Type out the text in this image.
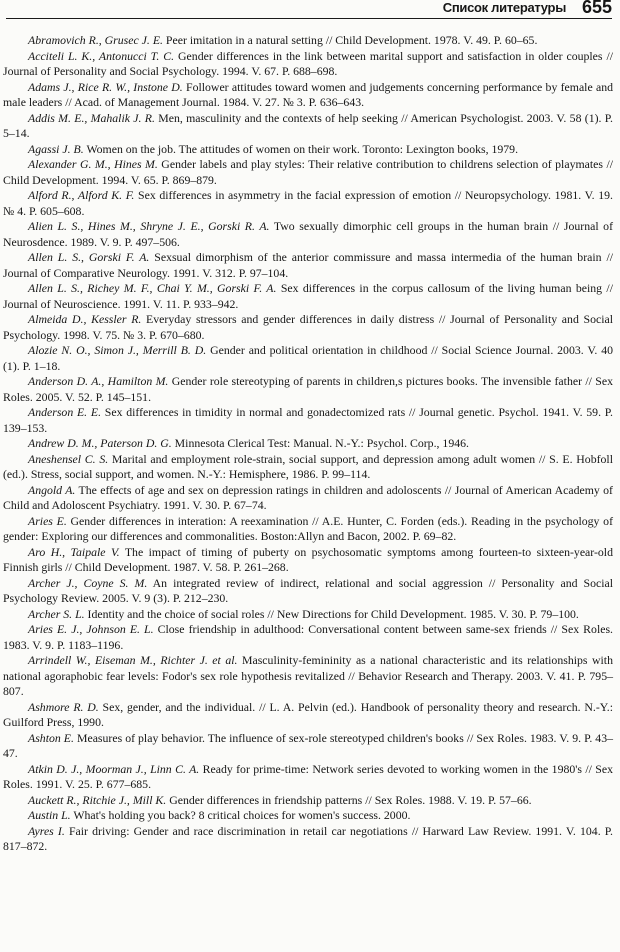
Список литературы 655

Abramovich R., Grusec J. E. Peer imitation in a natural setting // Child Development. 1978. V. 49. P. 60–65.

Acciteli L. K., Antonucci T. C. Gender differences in the link between marital support and satisfaction in older couples // Journal of Personality and Social Psychology. 1994. V. 67. P. 688–698.

Adams J., Rice R. W., Instone D. Follower attitudes toward women and judgements concerning performance by female and male leaders // Acad. of Management Journal. 1984. V. 27. № 3. P. 636–643.

Addis M. E., Mahalik J. R. Men, masculinity and the contexts of help seeking // American Psychologist. 2003. V. 58 (1). P. 5–14.

Agassi J. B. Women on the job. The attitudes of women on their work. Toronto: Lexington books, 1979.

Alexander G. M., Hines M. Gender labels and play styles: Their relative contribution to childrens selection of playmates // Child Development. 1994. V. 65. P. 869–879.

Alford R., Alford K. F. Sex differences in asymmetry in the facial expression of emotion // Neuropsychology. 1981. V. 19. № 4. P. 605–608.

Alien L. S., Hines M., Shryne J. E., Gorski R. A. Two sexually dimorphic cell groups in the human brain // Journal of Neurosdence. 1989. V. 9. P. 497–506.

Allen L. S., Gorski F. A. Sexsual dimorphism of the anterior commissure and massa intermedia of the human brain // Journal of Comparative Neurology. 1991. V. 312. P. 97–104.

Allen L. S., Richey M. F., Chai Y. M., Gorski F. A. Sex differences in the corpus callosum of the living human being // Journal of Neuroscience. 1991. V. 11. P. 933–942.

Almeida D., Kessler R. Everyday stressors and gender differences in daily distress // Journal of Personality and Social Psychology. 1998. V. 75. № 3. P. 670–680.

Alozie N. O., Simon J., Merrill B. D. Gender and political orientation in childhood // Social Science Journal. 2003. V. 40 (1). P. 1–18.

Anderson D. A., Hamilton M. Gender role stereotyping of parents in children,s pictures books. The invensible father // Sex Roles. 2005. V. 52. P. 145–151.

Anderson E. E. Sex differences in timidity in normal and gonadectomized rats // Journal genetic. Psychol. 1941. V. 59. P. 139–153.

Andrew D. M., Paterson D. G. Minnesota Clerical Test: Manual. N.-Y.: Psychol. Corp., 1946.

Aneshensel C. S. Marital and employment role-strain, social support, and depression among adult women // S. E. Hobfoll (ed.). Stress, social support, and women. N.-Y.: Hemisphere, 1986. P. 99–114.

Angold A. The effects of age and sex on depression ratings in children and adoloscents // Journal of American Academy of Child and Adoloscent Psychiatry. 1991. V. 30. P. 67–74.

Aries E. Gender differences in interation: A reexamination // A.E. Hunter, C. Forden (eds.). Reading in the psychology of gender: Exploring our differences and commonalities. Boston:Allyn and Bacon, 2002. P. 69–82.

Aro H., Taipale V. The impact of timing of puberty on psychosomatic symptoms among fourteen-to sixteen-year-old Finnish girls // Child Development. 1987. V. 58. P. 261–268.

Archer J., Coyne S. M. An integrated review of indirect, relational and social aggression // Personality and Social Psychology Review. 2005. V. 9 (3). P. 212–230.

Archer S. L. Identity and the choice of social roles // New Directions for Child Development. 1985. V. 30. P. 79–100.

Aries E. J., Johnson E. L. Close friendship in adulthood: Conversational content between same-sex friends // Sex Roles. 1983. V. 9. P. 1183–1196.

Arrindell W., Eiseman M., Richter J. et al. Masculinity-femininity as a national characteristic and its relationships with national agoraphobic fear levels: Fodor's sex role hypothesis revitalized // Behavior Research and Therapy. 2003. V. 41. P. 795–807.

Ashmore R. D. Sex, gender, and the individual. // L. A. Pelvin (ed.). Handbook of personality theory and research. N.-Y.: Guilford Press, 1990.

Ashton E. Measures of play behavior. The influence of sex-role stereotyped children's books // Sex Roles. 1983. V. 9. P. 43–47.

Atkin D. J., Moorman J., Linn C. A. Ready for prime-time: Network series devoted to working women in the 1980's // Sex Roles. 1991. V. 25. P. 677–685.

Auckett R., Ritchie J., Mill K. Gender differences in friendship patterns // Sex Roles. 1988. V. 19. P. 57–66.

Austin L. What's holding you back? 8 critical choices for women's success. 2000.

Ayres I. Fair driving: Gender and race discrimination in retail car negotiations // Harward Law Review. 1991. V. 104. P. 817–872.
